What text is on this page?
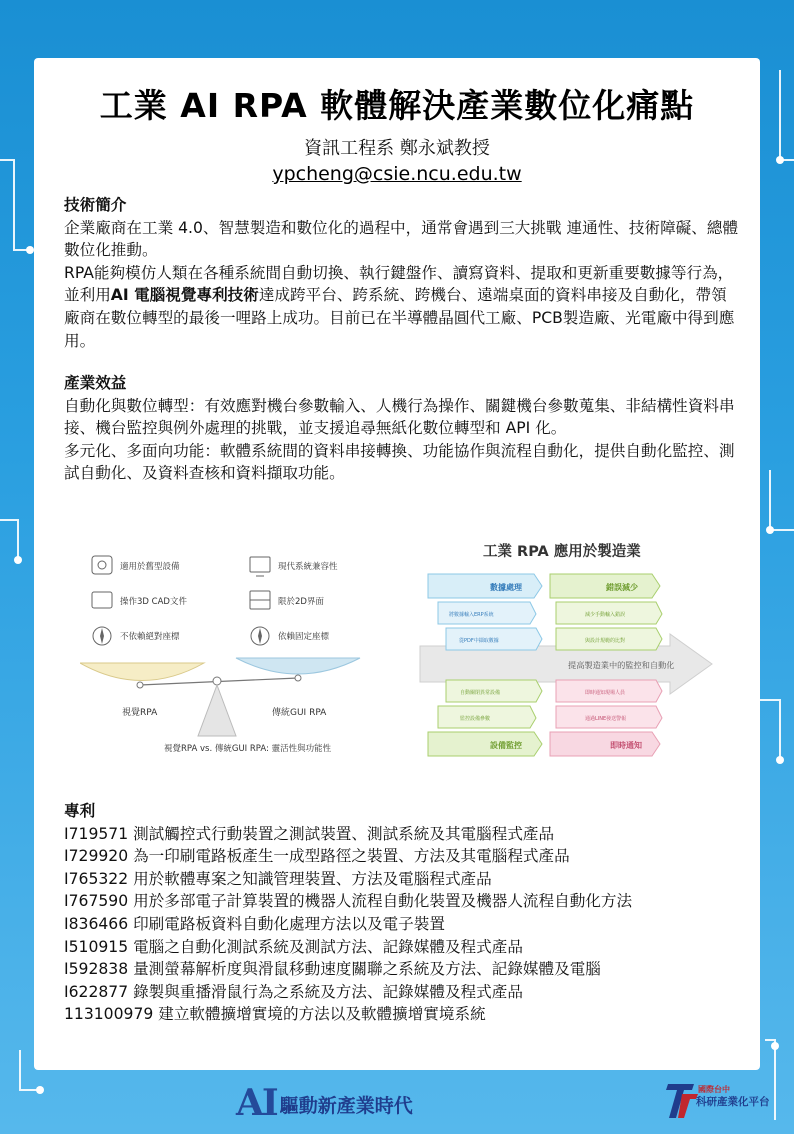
工業 AI RPA 軟體解決產業數位化痛點

資訊工程系 鄭永斌教授

ypcheng@csie.ncu.edu.tw
技術簡介

企業廠商在工業 4.0、智慧製造和數位化的過程中，通常會遇到三大挑戰 連通性、技術障礙、總體數位化推動。

RPA能夠模仿人類在各種系統間自動切換、執行鍵盤作、讀寫資料、提取和更新重要數據等行為，並利用AI 電腦視覺專利技術達成跨平台、跨系統、跨機台、遠端桌面的資料串接及自動化，帶領廠商在數位轉型的最後一哩路上成功。目前已在半導體晶圓代工廠、PCB製造廠、光電廠中得到應用。

產業效益

自動化與數位轉型：有效應對機台參數輸入、人機行為操作、關鍵機台參數蒐集、非結構性資料串接、機台監控與例外處理的挑戰，並支援追尋無紙化數位轉型和 API 化。

多元化、多面向功能：軟體系統間的資料串接轉換、功能協作與流程自動化，提供自動化監控、測試自動化、及資料查核和資料擷取功能。

適用於舊型設備
操作3D CAD文件
不依賴絕對座標
現代系統兼容性
限於2D界面
依賴固定座標
視覺RPA	傳統GUI RPA
視覺RPA vs. 傳統GUI RPA: 靈活性與功能性
工業 RPA 應用於製造業
提高製造業中的監控和自動化
數據處理
將數據輸入ERP系統
從PDF中擷取數據
錯誤減少
減少手動輸入錯誤
與設計規範的比對
自動關閉異常設備
監控設備參數
設備監控
即時通知現場人員
通過LINE發送警報
即時通知
專利
I719571 測試觸控式行動裝置之測試裝置、測試系統及其電腦程式產品
I729920 為一印刷電路板產生一成型路徑之裝置、方法及其電腦程式產品
I765322 用於軟體專案之知識管理裝置、方法及電腦程式產品
I767590 用於多部電子計算裝置的機器人流程自動化裝置及機器人流程自動化方法
I836466 印刷電路板資料自動化處理方法以及電子裝置
I510915 電腦之自動化測試系統及測試方法、記錄媒體及程式產品
I592838 量測螢幕解析度與滑鼠移動速度關聯之系統及方法、記錄媒體及電腦
I622877 錄製與重播滑鼠行為之系統及方法、記錄媒體及程式產品
113100979 建立軟體擴增實境的方法以及軟體擴增實境系統
AI 驅動新產業時代
國際台中
科研產業化平台
